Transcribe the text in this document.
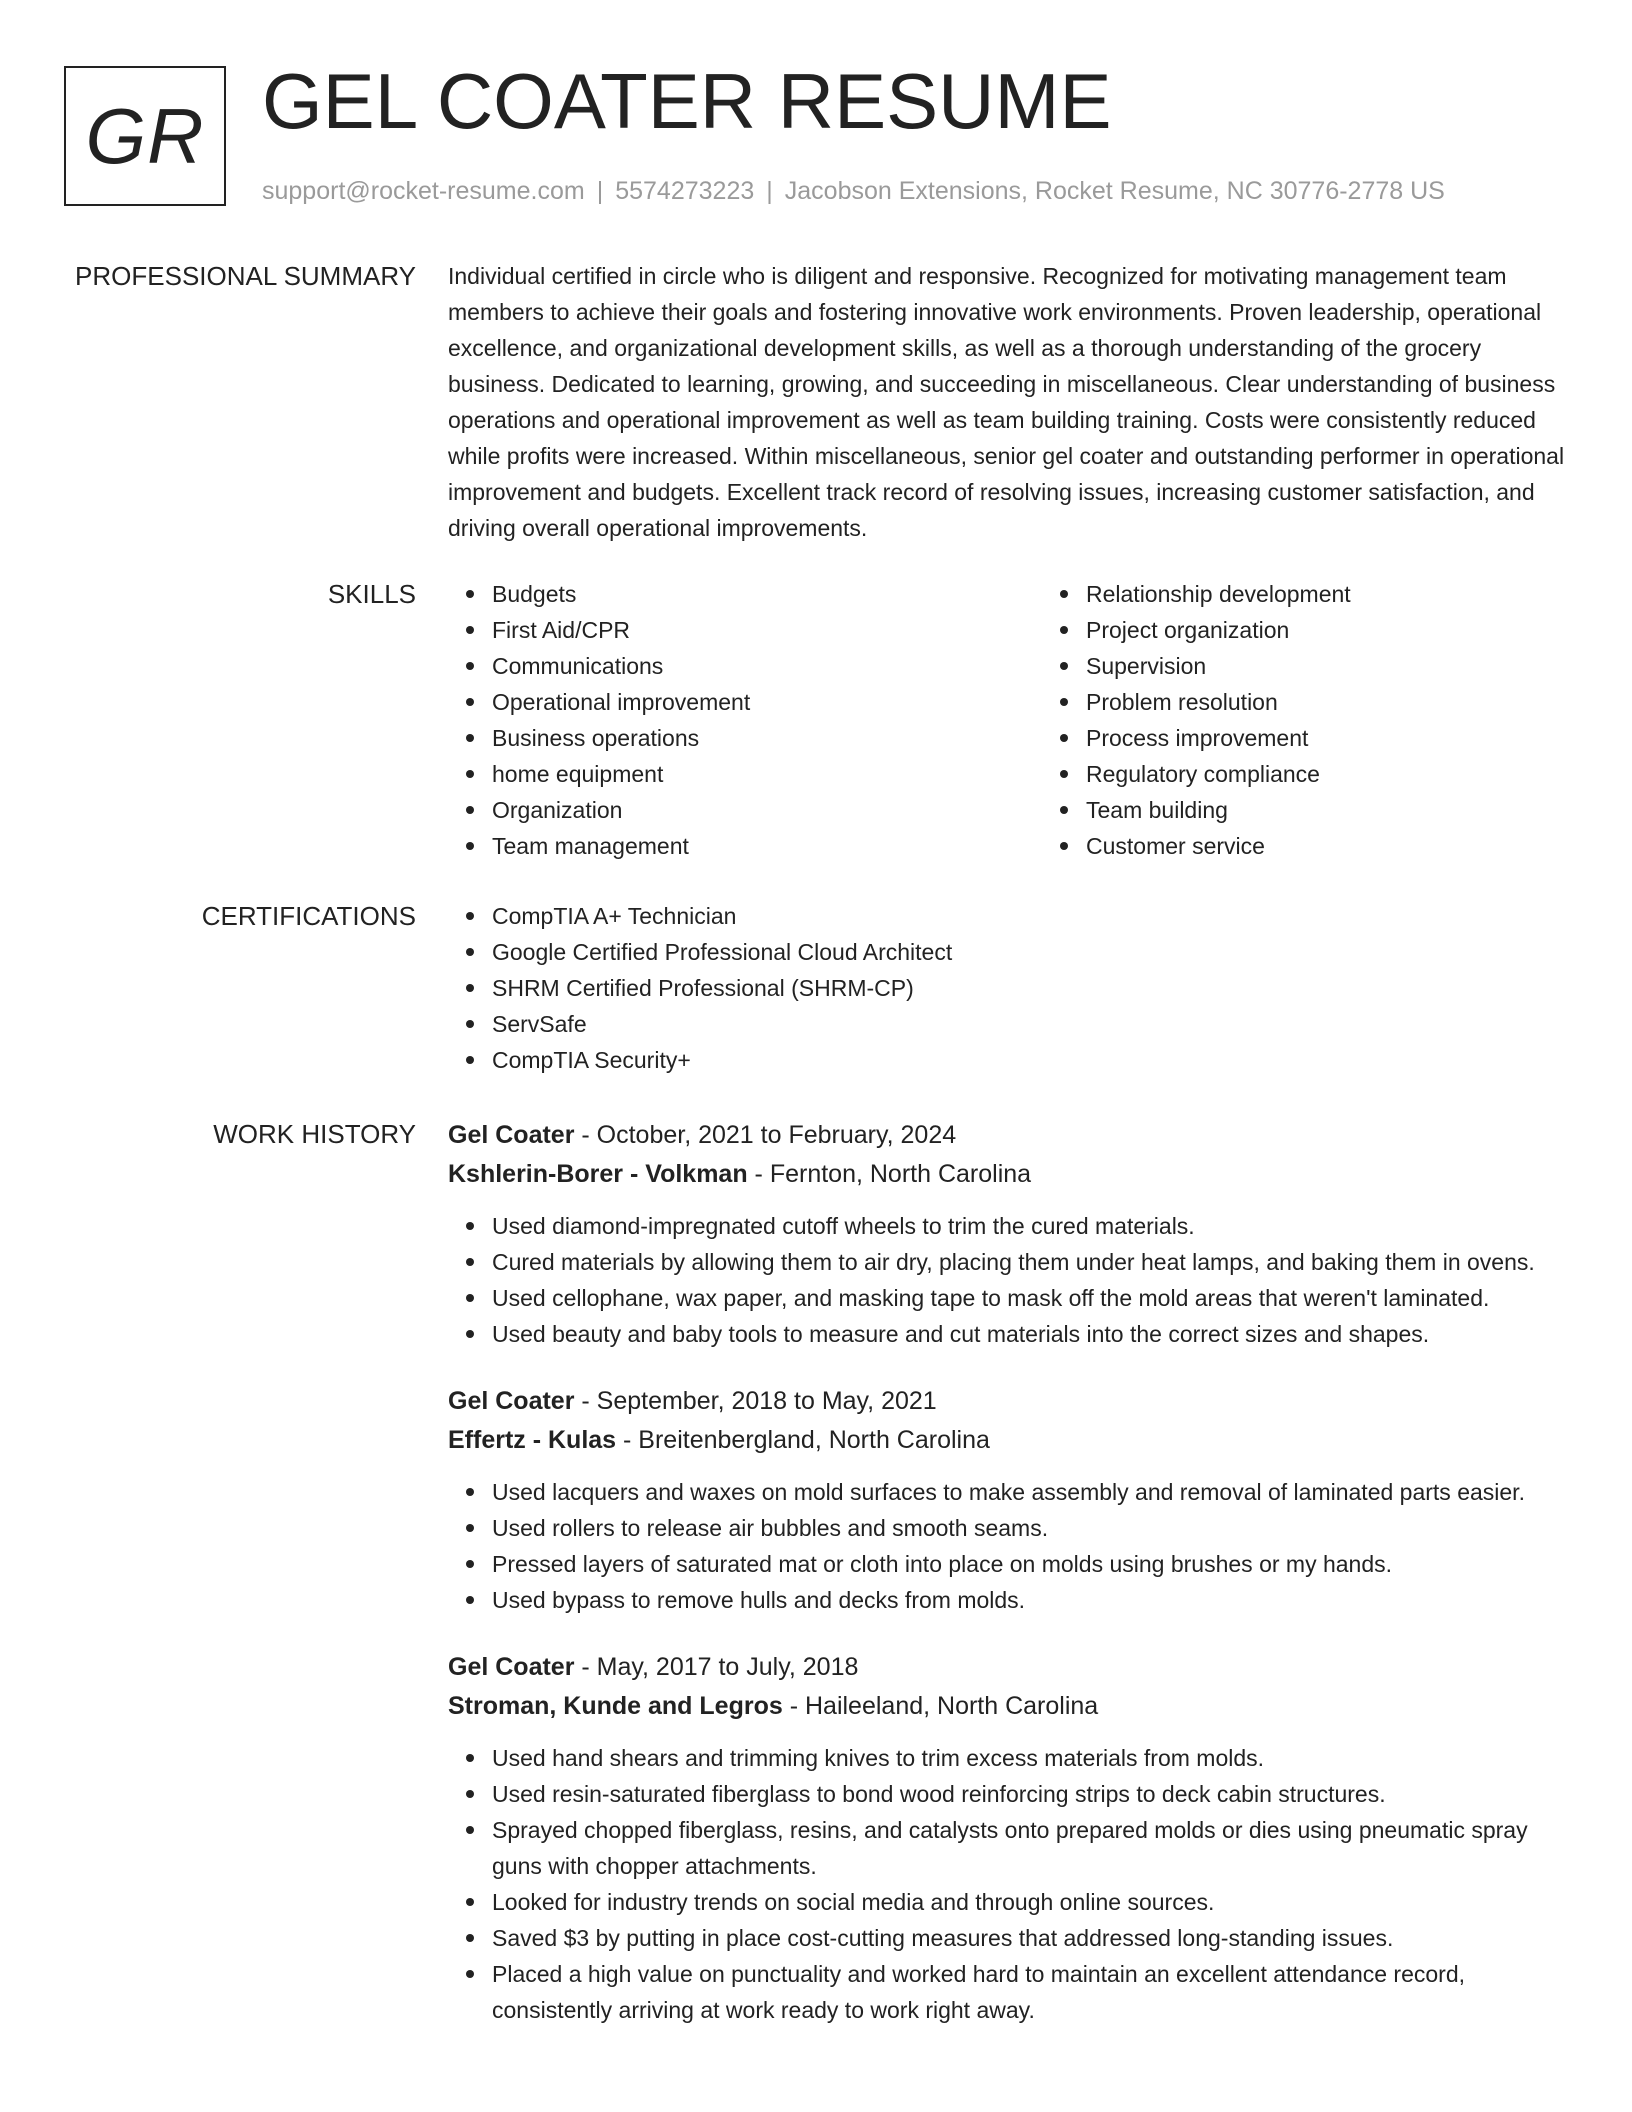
GR GEL COATER RESUME
support@rocket-resume.com | 5574273223 | Jacobson Extensions, Rocket Resume, NC 30776-2778 US
PROFESSIONAL SUMMARY Individual certified in circle who is diligent and responsive. Recognized for motivating management team members to achieve their goals and fostering innovative work environments. Proven leadership, operational excellence, and organizational development skills, as well as a thorough understanding of the grocery business. Dedicated to learning, growing, and succeeding in miscellaneous. Clear understanding of business operations and operational improvement as well as team building training. Costs were consistently reduced while profits were increased. Within miscellaneous, senior gel coater and outstanding performer in operational improvement and budgets. Excellent track record of resolving issues, increasing customer satisfaction, and driving overall operational improvements.

SKILLS	Budgets
First Aid/CPR
Communications
Operational improvement
Business operations
home equipment
Organization
Team management
Relationship development
Project organization
Supervision
Problem resolution
Process improvement
Regulatory compliance
Team building
Customer service
CERTIFICATIONS	CompTIA A+ Technician
Google Certified Professional Cloud Architect
SHRM Certified Professional (SHRM-CP)
ServSafe
CompTIA Security+
WORK HISTORY Gel Coater - October, 2021 to February, 2024
Kshlerin-Borer - Volkman - Fernton, North Carolina
Used diamond-impregnated cutoff wheels to trim the cured materials.
Cured materials by allowing them to air dry, placing them under heat lamps, and baking them in ovens.
Used cellophane, wax paper, and masking tape to mask off the mold areas that weren't laminated.
Used beauty and baby tools to measure and cut materials into the correct sizes and shapes.
Gel Coater - September, 2018 to May, 2021
Effertz - Kulas - Breitenbergland, North Carolina
Used lacquers and waxes on mold surfaces to make assembly and removal of laminated parts easier.
Used rollers to release air bubbles and smooth seams.
Pressed layers of saturated mat or cloth into place on molds using brushes or my hands.
Used bypass to remove hulls and decks from molds.
Gel Coater - May, 2017 to July, 2018
Stroman, Kunde and Legros - Haileeland, North Carolina
Used hand shears and trimming knives to trim excess materials from molds.
Used resin-saturated fiberglass to bond wood reinforcing strips to deck cabin structures.
Sprayed chopped fiberglass, resins, and catalysts onto prepared molds or dies using pneumatic spray guns with chopper attachments.
Looked for industry trends on social media and through online sources.
Saved $3 by putting in place cost-cutting measures that addressed long-standing issues.
Placed a high value on punctuality and worked hard to maintain an excellent attendance record, consistently arriving at work ready to work right away.
